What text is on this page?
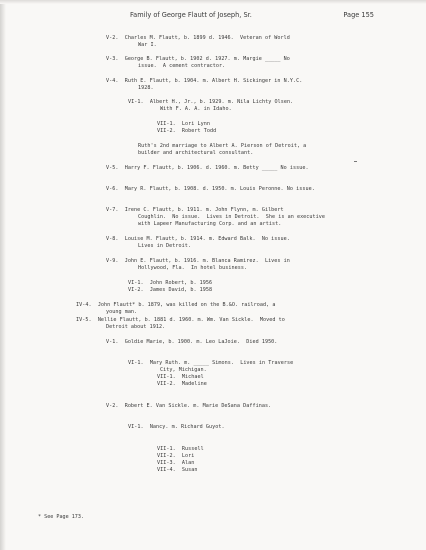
Family of George Flautt of Joseph, Sr.	Page 155
V-2.  Charles M. Flautt, b. 1899 d. 1946.  Veteran of World
War I.
V-3.  George B. Flautt, b. 1902 d. 1927. m. Margie _____ No
issue.  A cement contractor.
V-4.  Ruth E. Flautt, b. 1904. m. Albert H. Sickinger in N.Y.C.
1928.
VI-1.  Albert H., Jr., b. 1929. m. Nila Lichty Olsen.
With F. A. A. in Idaho.
VII-1.  Lori Lynn
VII-2.  Robert Todd
Ruth's 2nd marriage to Albert A. Pierson of Detroit, a
builder and architectural consultant.
V-5.  Harry F. Flautt, b. 1906. d. 1960. m. Betty _____ No issue.
V-6.  Mary R. Flautt, b. 1908. d. 1950. m. Louis Peronne. No issue.
V-7.  Irene C. Flautt, b. 1911. m. John Flynn, m. Gilbert
Coughlin.  No issue.  Lives in Detroit.  She is an executive
with Lapeer Manufacturing Corp. and an artist.
V-8.  Louise M. Flautt, b. 1914. m. Edward Balk.  No issue.
Lives in Detroit.
V-9.  John E. Flautt, b. 1916. m. Blanca Ramirez.  Lives in
Hollywood, Fla.  In hotel business.
VI-1.  John Robert, b. 1956
VI-2.  James David, b. 1958
IV-4.  John Flautt* b. 1879, was killed on the B.&O. railroad, a
young man.
IV-5.  Nellie Flautt, b. 1881 d. 1960. m. Wm. Van Sickle.  Moved to
Detroit about 1912.
V-1.  Goldie Marie, b. 1900. m. Leo LaJoie.  Died 1950.
VI-1.  Mary Ruth. m. _____ Simons.  Lives in Traverse
City, Michigan.
VII-1.  Michael
VII-2.  Madeline
V-2.  Robert E. Van Sickle. m. Marie DeSana Daffinas.
VI-1.  Nancy. m. Richard Guyot.
VII-1.  Russell
VII-2.  Lori
VII-3.  Alan
VII-4.  Susan
* See Page 173.
